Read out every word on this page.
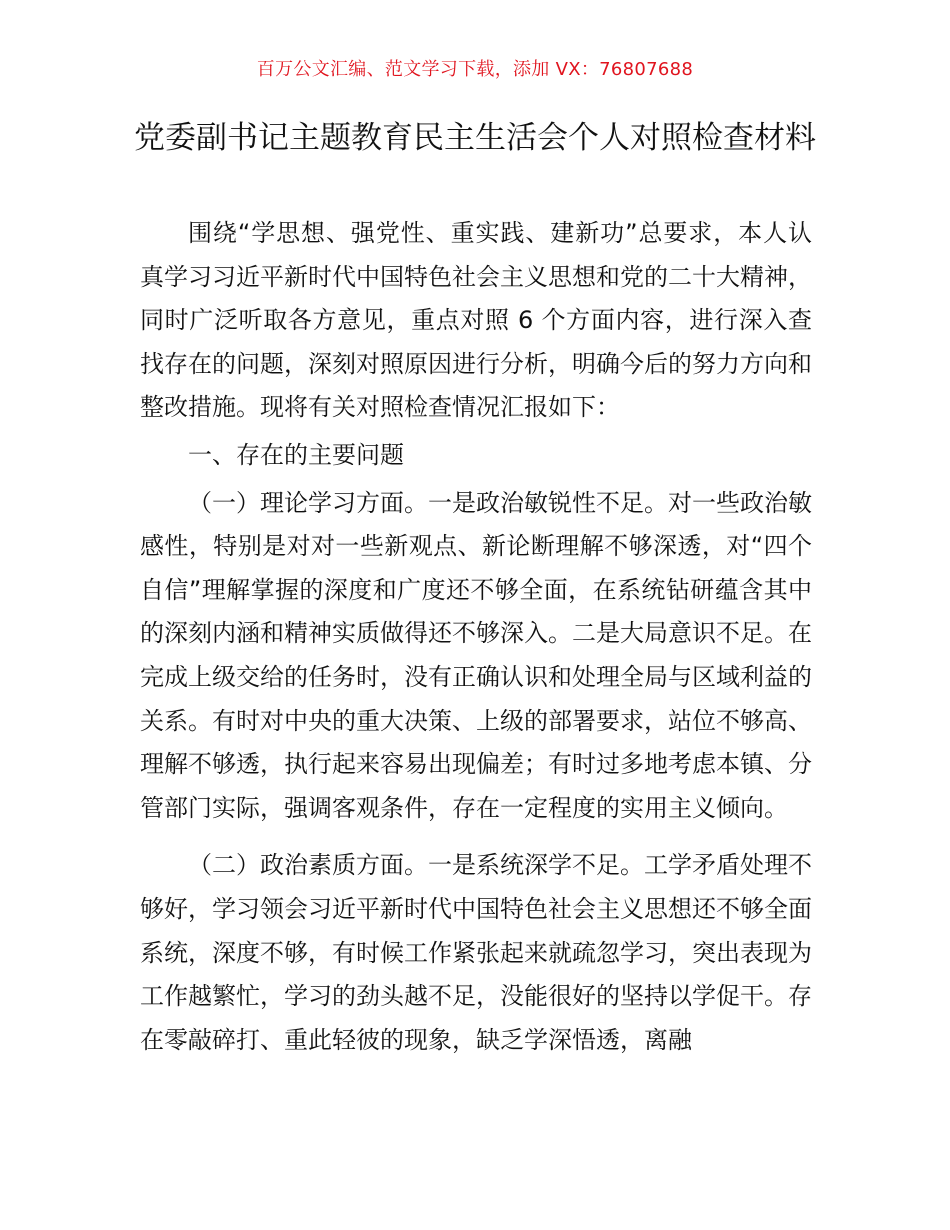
百万公文汇编、范文学习下载，添加 VX：76807688
党委副书记主题教育民主生活会个人对照检查材料

围绕“学思想、强党性、重实践、建新功”总要求，本人认真学习习近平新时代中国特色社会主义思想和党的二十大精神，同时广泛听取各方意见，重点对照 6 个方面内容，进行深入查找存在的问题，深刻对照原因进行分析，明确今后的努力方向和整改措施。现将有关对照检查情况汇报如下：

一、存在的主要问题

（一）理论学习方面。一是政治敏锐性不足。对一些政治敏感性，特别是对对一些新观点、新论断理解不够深透，对“四个自信”理解掌握的深度和广度还不够全面，在系统钻研蕴含其中的深刻内涵和精神实质做得还不够深入。二是大局意识不足。在完成上级交给的任务时，没有正确认识和处理全局与区域利益的关系。有时对中央的重大决策、上级的部署要求，站位不够高、理解不够透，执行起来容易出现偏差；有时过多地考虑本镇、分管部门实际，强调客观条件，存在一定程度的实用主义倾向。

（二）政治素质方面。一是系统深学不足。工学矛盾处理不够好，学习领会习近平新时代中国特色社会主义思想还不够全面系统，深度不够，有时候工作紧张起来就疏忽学习，突出表现为工作越繁忙，学习的劲头越不足，没能很好的坚持以学促干。存在零敲碎打、重此轻彼的现象，缺乏学深悟透，离融
